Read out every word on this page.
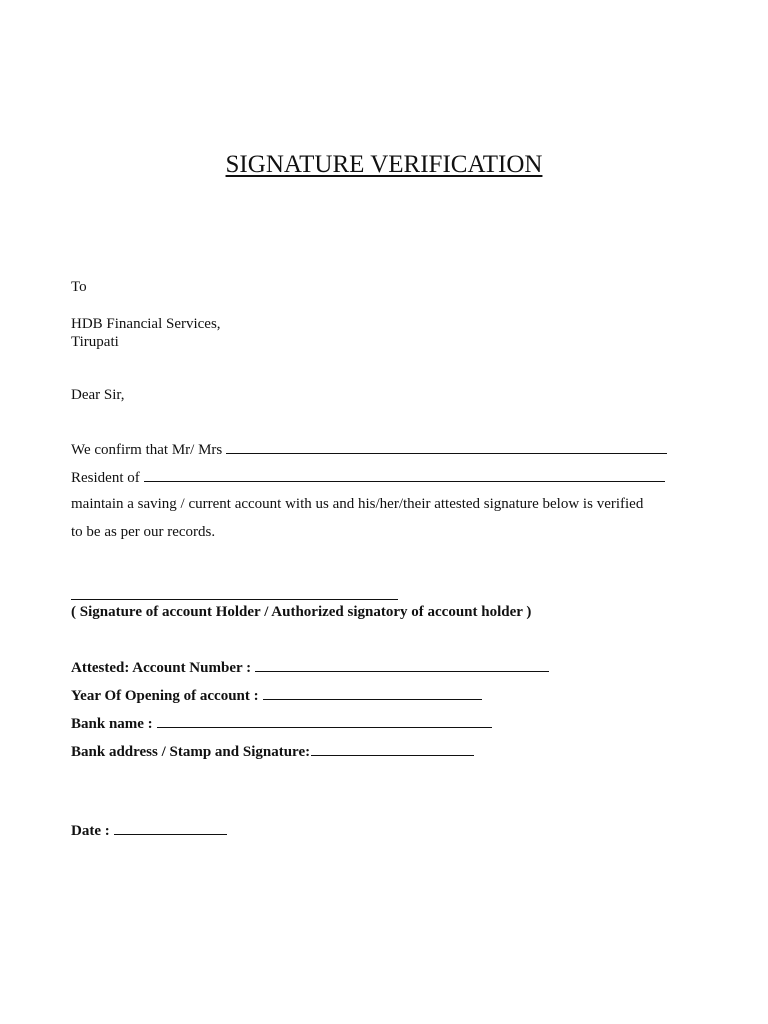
SIGNATURE VERIFICATION
To
HDB Financial Services,
Tirupati
Dear Sir,
We confirm that Mr/ Mrs
Resident of
maintain a saving / current account with us and his/her/their attested signature below is verified
to be as per our records.
( Signature of account Holder / Authorized signatory of account holder )
Attested: Account Number :
Year Of Opening of account :
Bank name :
Bank address / Stamp and Signature:
Date :
